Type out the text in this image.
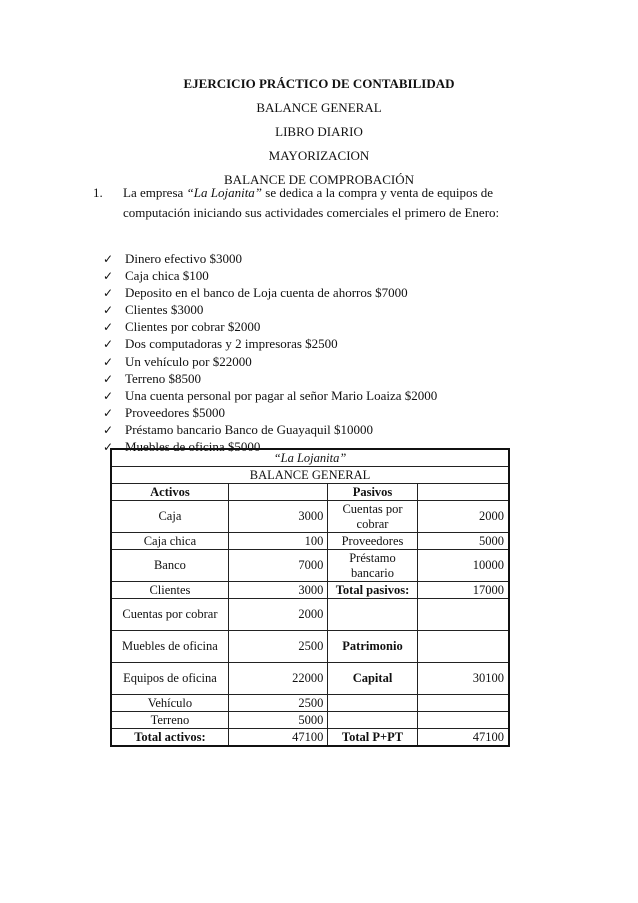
EJERCICIO PRÁCTICO DE CONTABILIDAD
BALANCE GENERAL
LIBRO DIARIO
MAYORIZACION
BALANCE DE COMPROBACIÓN
1. La empresa “La Lojanita” se dedica a la compra y venta de equipos de
computación iniciando sus actividades comerciales el primero de Enero:
✓ Dinero efectivo $3000
✓ Caja chica $100
✓ Deposito en el banco de Loja cuenta de ahorros $7000
✓ Clientes $3000
✓ Clientes por cobrar $2000
✓ Dos computadoras y 2 impresoras $2500
✓ Un vehículo por $22000
✓ Terreno $8500
✓ Una cuenta personal por pagar al señor Mario Loaiza $2000
✓ Proveedores $5000
✓ Préstamo bancario Banco de Guayaquil $10000
✓ Muebles de oficina $5000
“La Lojanita”			
BALANCE GENERAL			
Activos		Pasivos	
Caja	3000	Cuentas por cobrar	2000
Caja chica	100	Proveedores	5000
Banco	7000	Préstamo bancario	10000
Clientes	3000	Total pasivos:	17000
Cuentas por cobrar	2000		
Muebles de oficina	2500	Patrimonio	
Equipos de oficina	22000	Capital	30100
Vehículo	2500		
Terreno	5000		
Total activos:	47100	Total P+PT	47100
